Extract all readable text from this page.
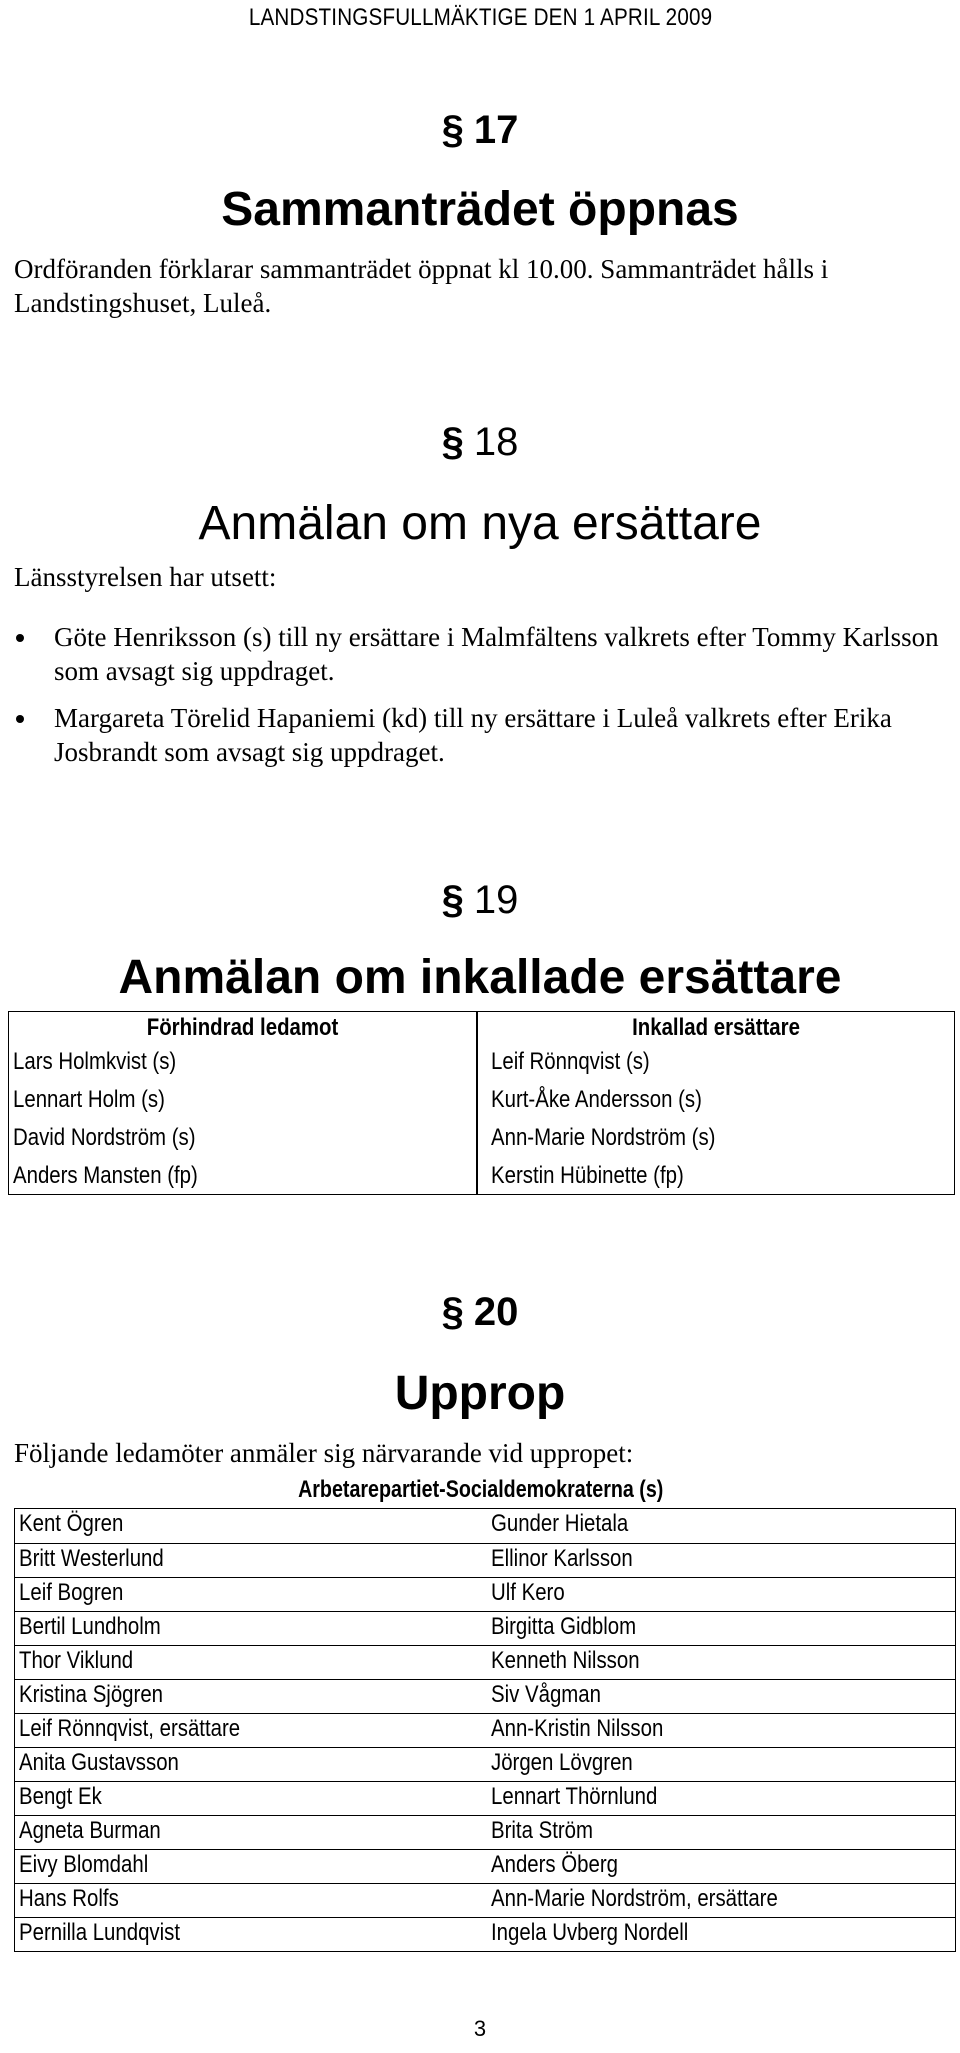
LANDSTINGSFULLMÄKTIGE DEN 1 APRIL 2009
§ 17
Sammanträdet öppnas
Ordföranden förklarar sammanträdet öppnat kl 10.00. Sammanträdet hålls i Landstingshuset, Luleå.
§ 18
Anmälan om nya ersättare
Länsstyrelsen har utsett:
Göte Henriksson (s) till ny ersättare i Malmfältens valkrets efter Tommy Karlsson som avsagt sig uppdraget.
Margareta Törelid Hapaniemi (kd) till ny ersättare i Luleå valkrets efter Erika Josbrandt som avsagt sig uppdraget.
§ 19
Anmälan om inkallade ersättare
Förhindrad ledamot	Inkallad ersättare
Lars Holmkvist (s)	Leif Rönnqvist (s)
Lennart Holm (s)	Kurt-Åke Andersson (s)
David Nordström (s)	Ann-Marie Nordström (s)
Anders Mansten (fp)	Kerstin Hübinette (fp)
§ 20
Upprop
Följande ledamöter anmäler sig närvarande vid uppropet:
Arbetarepartiet-Socialdemokraterna (s)
Kent Ögren	Gunder Hietala
Britt Westerlund	Ellinor Karlsson
Leif Bogren	Ulf Kero
Bertil Lundholm	Birgitta Gidblom
Thor Viklund	Kenneth Nilsson
Kristina Sjögren	Siv Vågman
Leif Rönnqvist, ersättare	Ann-Kristin Nilsson
Anita Gustavsson	Jörgen Lövgren
Bengt Ek	Lennart Thörnlund
Agneta Burman	Brita Ström
Eivy Blomdahl	Anders Öberg
Hans Rolfs	Ann-Marie Nordström, ersättare
Pernilla Lundqvist	Ingela Uvberg Nordell
3
